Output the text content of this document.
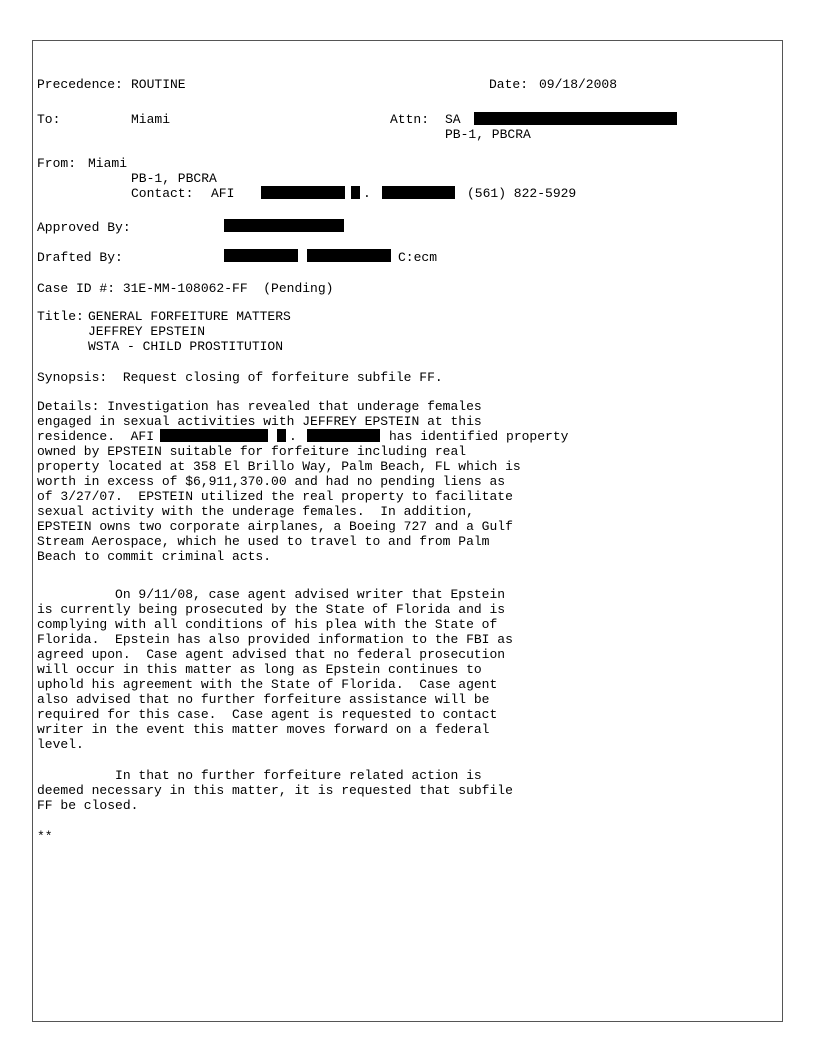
Precedence: ROUTINE	Date: 09/18/2008
To:	Miami	Attn: SA
PB-1, PBCRA
From: Miami
PB-1, PBCRA
Contact: AFI	.	(561) 822-5929
Approved By:
Drafted By:	C:ecm
Case ID #: 31E-MM-108062-FF  (Pending)
Title: GENERAL FORFEITURE MATTERS
JEFFREY EPSTEIN
WSTA - CHILD PROSTITUTION
Synopsis:  Request closing of forfeiture subfile FF.
Details: Investigation has revealed that underage females
engaged in sexual activities with JEFFREY EPSTEIN at this
residence.  AFI	.	has identified property
owned by EPSTEIN suitable for forfeiture including real
property located at 358 El Brillo Way, Palm Beach, FL which is
worth in excess of $6,911,370.00 and had no pending liens as
of 3/27/07.  EPSTEIN utilized the real property to facilitate
sexual activity with the underage females.  In addition,
EPSTEIN owns two corporate airplanes, a Boeing 727 and a Gulf
Stream Aerospace, which he used to travel to and from Palm
Beach to commit criminal acts.
On 9/11/08, case agent advised writer that Epstein
is currently being prosecuted by the State of Florida and is
complying with all conditions of his plea with the State of
Florida.  Epstein has also provided information to the FBI as
agreed upon.  Case agent advised that no federal prosecution
will occur in this matter as long as Epstein continues to
uphold his agreement with the State of Florida.  Case agent
also advised that no further forfeiture assistance will be
required for this case.  Case agent is requested to contact
writer in the event this matter moves forward on a federal
level.
In that no further forfeiture related action is
deemed necessary in this matter, it is requested that subfile
FF be closed.
**
